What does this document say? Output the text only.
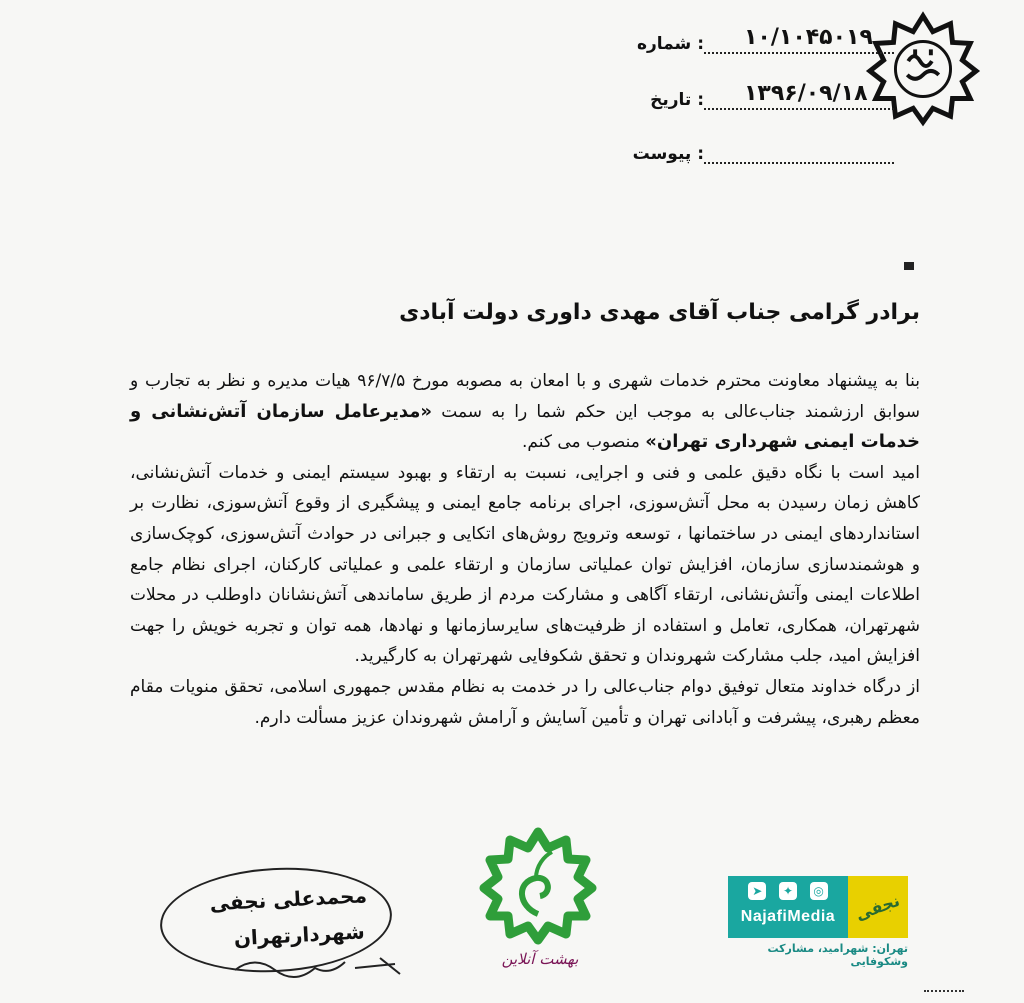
: شماره ۱۰/۱۰۴۵۰۱۹
: تاریخ ۱۳۹۶/۰۹/۱۸
: پیوست
برادر گرامی جناب آقای مهدی داوری دولت آبادی

بنا به پیشنهاد معاونت محترم خدمات شهری و با امعان به مصوبه مورخ ۹۶/۷/۵ هیات مدیره و نظر به تجارب و سوابق ارزشمند جناب‌عالی به موجب این حکم شما را به سمت «مدیرعامل سازمان آتش‌نشانی و خدمات ایمنی شهرداری تهران» منصوب می کنم.

امید است با نگاه دقیق علمی و فنی و اجرایی، نسبت به ارتقاء و بهبود سیستم ایمنی و خدمات آتش‌نشانی، کاهش زمان رسیدن به محل آتش‌سوزی، اجرای برنامه جامع ایمنی و پیشگیری از وقوع آتش‌سوزی، نظارت بر استانداردهای ایمنی در ساختمانها ، توسعه وترویج روش‌های اتکایی و جبرانی در حوادث آتش‌سوزی، کوچک‌سازی و هوشمندسازی سازمان، افزایش توان عملیاتی سازمان و ارتقاء علمی و عملیاتی کارکنان، اجرای نظام جامع اطلاعات ایمنی وآتش‌نشانی، ارتقاء آگاهی و مشارکت مردم از طریق ساماندهی آتش‌نشانان داوطلب در محلات شهرتهران، همکاری، تعامل و استفاده از ظرفیت‌های سایرسازمانها و نهادها، همه توان و تجربه خویش را جهت افزایش امید، جلب مشارکت شهروندان و تحقق شکوفایی شهرتهران به کارگیرید.

از درگاه خداوند متعال توفیق دوام جناب‌عالی را در خدمت به نظام مقدس جمهوری اسلامی، تحقق منویات مقام معظم رهبری، پیشرفت و آبادانی تهران و تأمین آسایش و آرامش شهروندان عزیز مسألت دارم.

محمدعلی نجفی
شهردارتهران
بهشت آنلاین
➤	✦	◎
NajafiMedia	نجفی
تهران: شهرامید، مشارکت وشکوفایی
